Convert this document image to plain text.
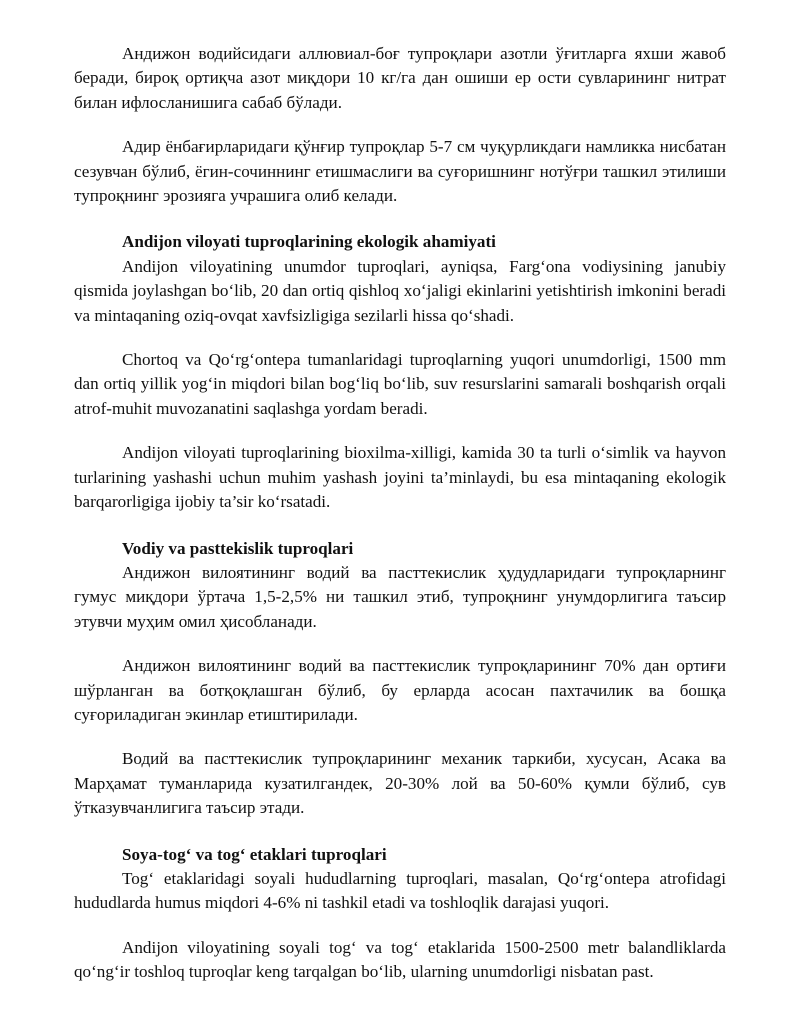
Андижон водийсидаги аллювиал-боғ тупроқлари азотли ўғитларга яхши жавоб беради, бироқ ортиқча азот миқдори 10 кг/га дан ошиши ер ости сувларининг нитрат билан ифлосланишига сабаб бўлади.

Адир ёнбағирларидаги қўнғир тупроқлар 5-7 см чуқурликдаги намликка нисбатан сезувчан бўлиб, ёгин-сочиннинг етишмаслиги ва суғоришнинг нотўғри ташкил этилиши тупроқнинг эрозияга учрашига олиб келади.

Andijon viloyati tuproqlarining ekologik ahamiyati

Andijon viloyatining unumdor tuproqlari, ayniqsa, Farg‘ona vodiysining janubiy qismida joylashgan bo‘lib, 20 dan ortiq qishloq xo‘jaligi ekinlarini yetishtirish imkonini beradi va mintaqaning oziq-ovqat xavfsizligiga sezilarli hissa qo‘shadi.

Chortoq va Qo‘rg‘ontepa tumanlaridagi tuproqlarning yuqori unumdorligi, 1500 mm dan ortiq yillik yog‘in miqdori bilan bog‘liq bo‘lib, suv resurslarini samarali boshqarish orqali atrof-muhit muvozanatini saqlashga yordam beradi.

Andijon viloyati tuproqlarining bioxilma-xilligi, kamida 30 ta turli o‘simlik va hayvon turlarining yashashi uchun muhim yashash joyini ta’minlaydi, bu esa mintaqaning ekologik barqarorligiga ijobiy ta’sir ko‘rsatadi.

Vodiy va pasttekislik tuproqlari

Андижон вилоятининг водий ва пасттекислик ҳудудларидаги тупроқларнинг гумус миқдори ўртача 1,5-2,5% ни ташкил этиб, тупроқнинг унумдорлигига таъсир этувчи муҳим омил ҳисобланади.

Андижон вилоятининг водий ва пасттекислик тупроқларининг 70% дан ортиғи шўрланган ва ботқоқлашган бўлиб, бу ерларда асосан пахтачилик ва бошқа суғориладиган экинлар етиштирилади.

Водий ва пасттекислик тупроқларининг механик таркиби, хусусан, Асака ва Марҳамат туманларида кузатилгандек, 20-30% лой ва 50-60% қумли бўлиб, сув ўтказувчанлигига таъсир этади.

Soya-tog‘ va tog‘ etaklari tuproqlari

Tog‘ etaklaridagi soyali hududlarning tuproqlari, masalan, Qo‘rg‘ontepa atrofidagi hududlarda humus miqdori 4-6% ni tashkil etadi va toshloqlik darajasi yuqori.

Andijon viloyatining soyali tog‘ va tog‘ etaklarida 1500-2500 metr balandliklarda qo‘ng‘ir toshloq tuproqlar keng tarqalgan bo‘lib, ularning unumdorligi nisbatan past.
